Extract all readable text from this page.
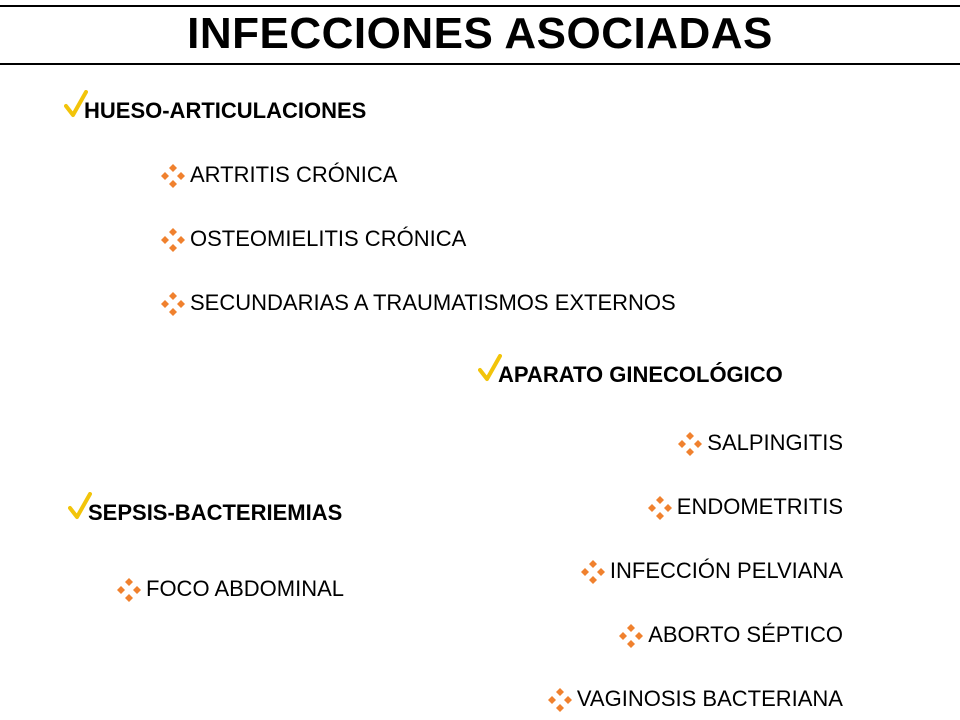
INFECCIONES ASOCIADAS
HUESO-ARTICULACIONES
ARTRITIS CRÓNICA
OSTEOMIELITIS CRÓNICA
SECUNDARIAS A TRAUMATISMOS EXTERNOS
APARATO GINECOLÓGICO
SALPINGITIS
ENDOMETRITIS
INFECCIÓN PELVIANA
ABORTO SÉPTICO
VAGINOSIS BACTERIANA
SEPSIS-BACTERIEMIAS
FOCO ABDOMINAL
